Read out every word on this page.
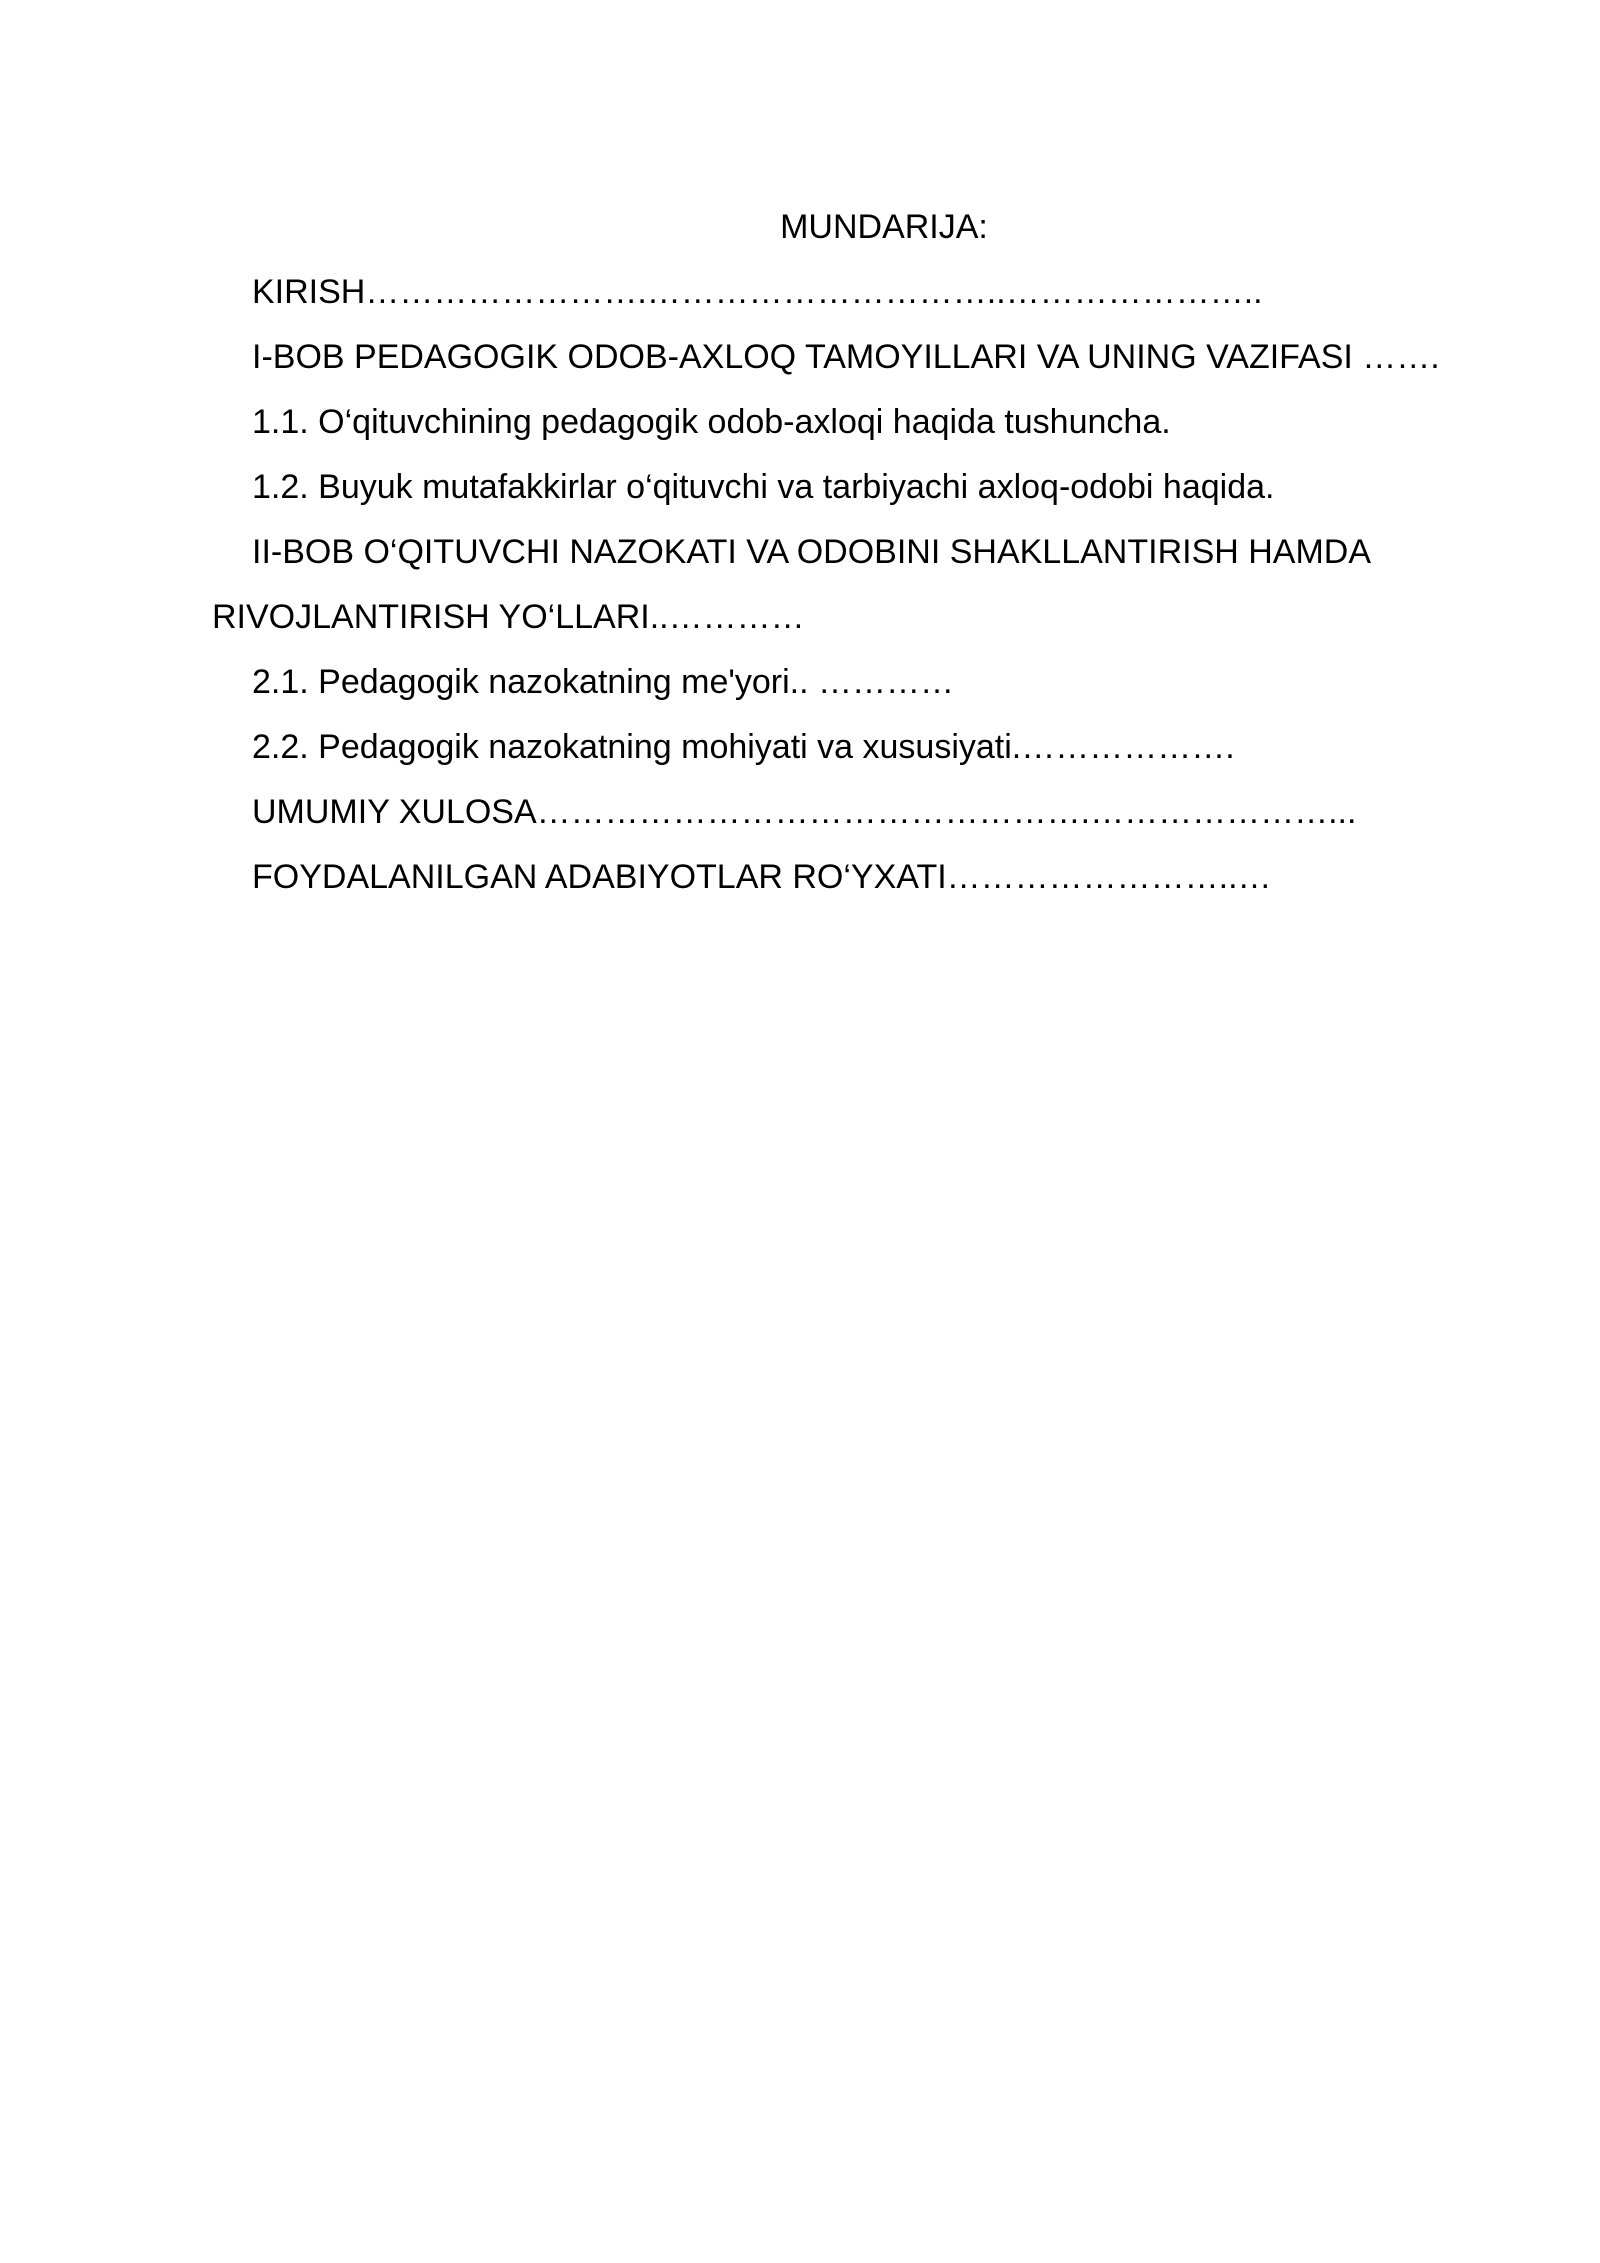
MUNDARIJA:
KIRISH…………………….…………………………..…………………..
I-BOB PEDAGOGIK ODOB-AXLOQ TAMOYILLARI VA UNING VAZIFASI …….
1.1. O‘qituvchining pedagogik odob-axloqi haqida tushuncha.
1.2. Buyuk mutafakkirlar o‘qituvchi va tarbiyachi axloq-odobi haqida.
II-BOB O‘QITUVCHI NAZOKATI VA ODOBINI SHAKLLANTIRISH HAMDA
RIVOJLANTIRISH YO‘LLARI..…………
2.1. Pedagogik nazokatning me'yori.. …………
2.2. Pedagogik nazokatning mohiyati va xususiyati.……………….
UMUMIY XULOSA………………………………………….…………………...
FOYDALANILGAN ADABIYOTLAR RO‘YXATI……………………..…
